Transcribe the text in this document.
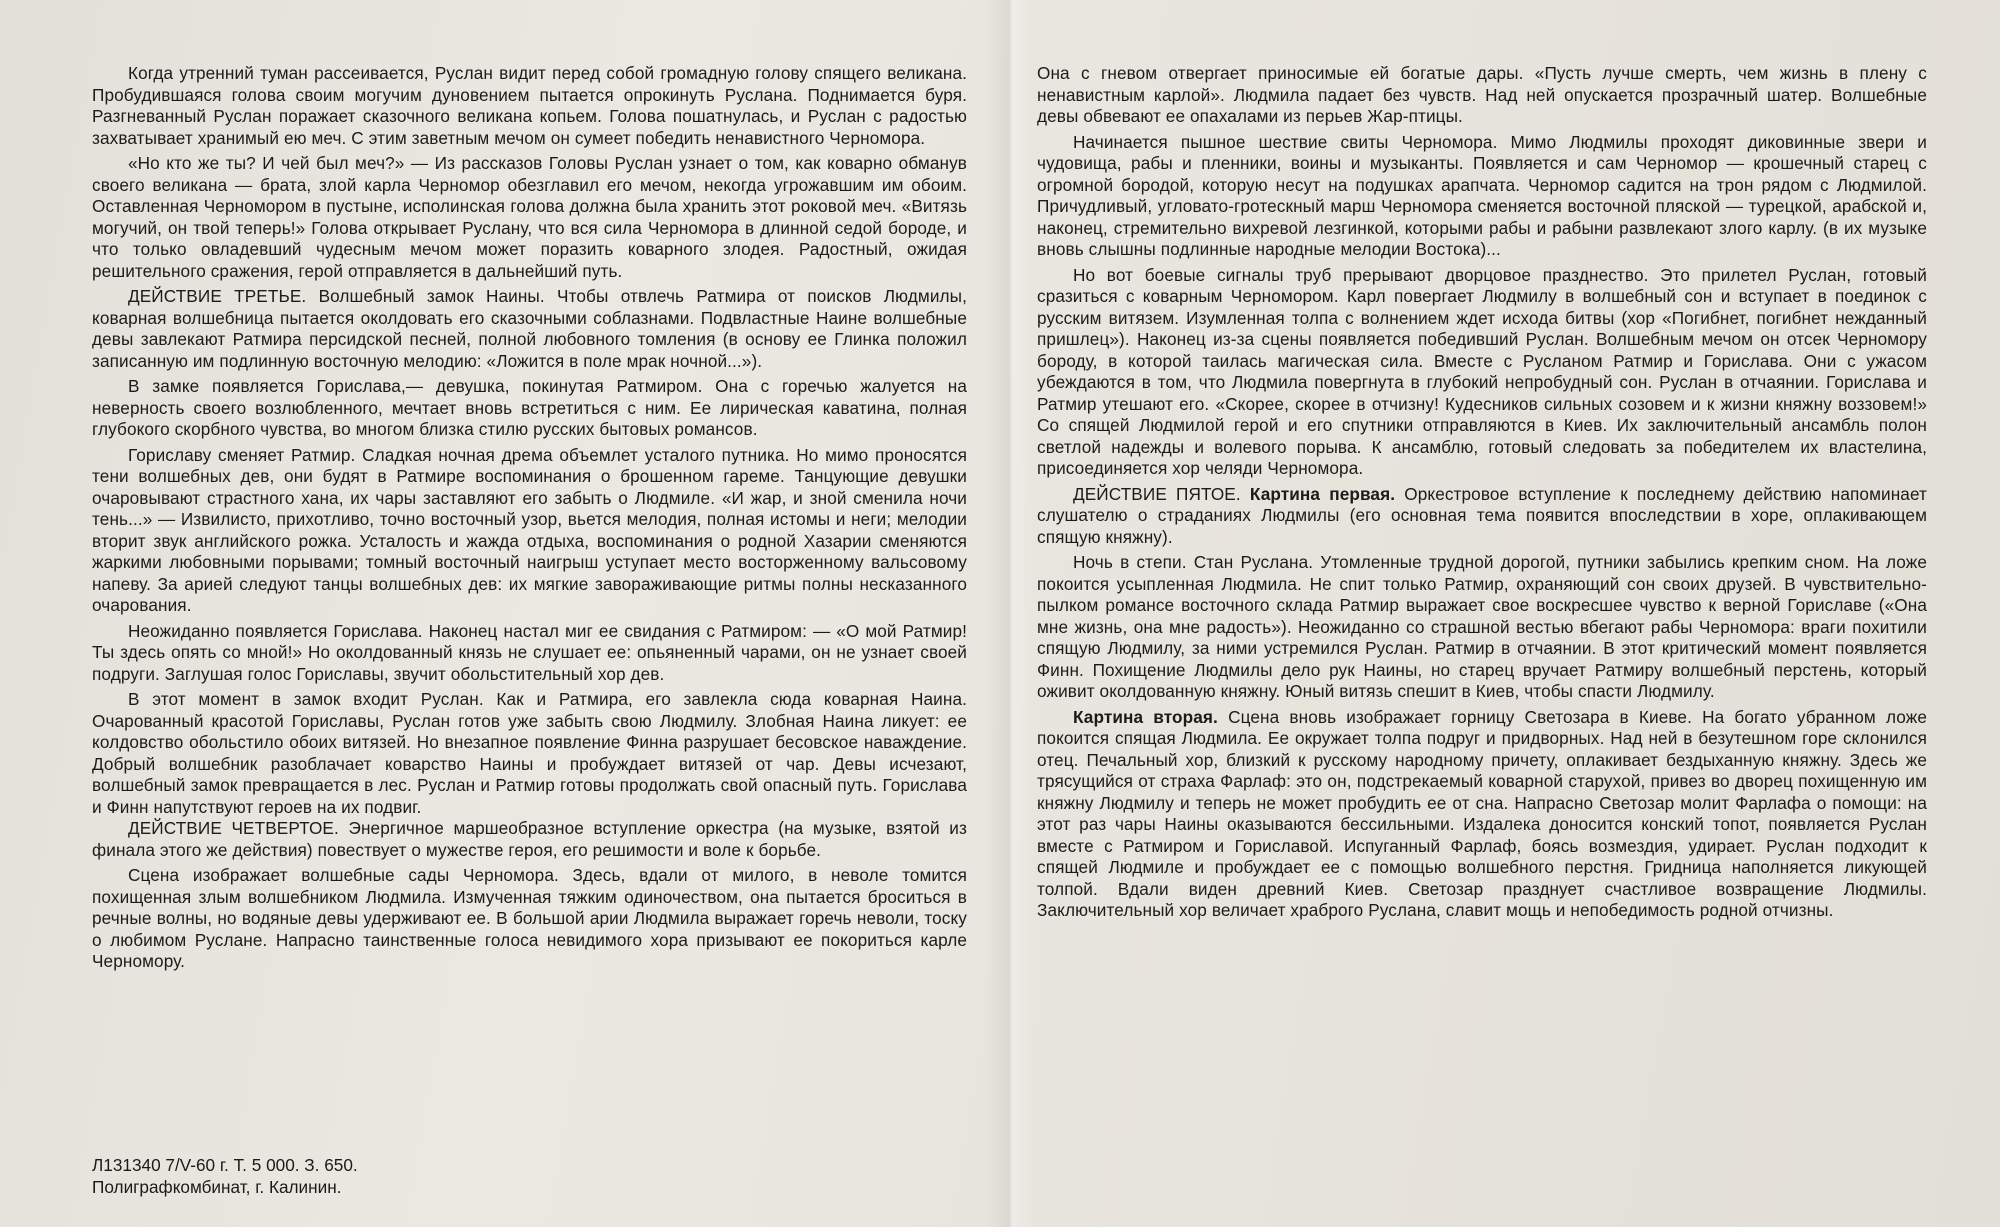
Когда утренний туман рассеивается, Руслан видит перед собой громадную голову спящего великана. Пробудившаяся голова своим могучим дуновением пытается опрокинуть Руслана. Поднимается буря. Разгневанный Руслан поражает сказочного великана копьем. Голова пошатнулась, и Руслан с радостью захватывает хранимый ею меч. С этим заветным мечом он сумеет победить ненавистного Черномора.

«Но кто же ты? И чей был меч?» — Из рассказов Головы Руслан узнает о том, как коварно обманув своего великана — брата, злой карла Черномор обезглавил его мечом, некогда угрожавшим им обоим. Оставленная Черномором в пустыне, исполинская голова должна была хранить этот роковой меч. «Витязь могучий, он твой теперь!» Голова открывает Руслану, что вся сила Черномора в длинной седой бороде, и что только овладевший чудесным мечом может поразить коварного злодея. Радостный, ожидая решительного сражения, герой отправляется в дальнейший путь.

ДЕЙСТВИЕ ТРЕТЬЕ. Волшебный замок Наины. Чтобы отвлечь Ратмира от поисков Людмилы, коварная волшебница пытается околдовать его сказочными соблазнами. Подвластные Наине волшебные девы завлекают Ратмира персидской песней, полной любовного томления (в основу ее Глинка положил записанную им подлинную восточную мелодию: «Ложится в поле мрак ночной...»).

В замке появляется Горислава,— девушка, покинутая Ратмиром. Она с горечью жалуется на неверность своего возлюбленного, мечтает вновь встретиться с ним. Ее лирическая каватина, полная глубокого скорбного чувства, во многом близка стилю русских бытовых романсов.

Гориславу сменяет Ратмир. Сладкая ночная дрема объемлет усталого путника. Но мимо проносятся тени волшебных дев, они будят в Ратмире воспоминания о брошенном гареме. Танцующие девушки очаровывают страстного хана, их чары заставляют его забыть о Людмиле. «И жар, и зной сменила ночи тень...» — Извилисто, прихотливо, точно восточный узор, вьется мелодия, полная истомы и неги; мелодии вторит звук английского рожка. Усталость и жажда отдыха, воспоминания о родной Хазарии сменяются жаркими любовными порывами; томный восточный наигрыш уступает место восторженному вальсовому напеву. За арией следуют танцы волшебных дев: их мягкие завораживающие ритмы полны несказанного очарования.

Неожиданно появляется Горислава. Наконец настал миг ее свидания с Ратмиром: — «О мой Ратмир! Ты здесь опять со мной!» Но околдованный князь не слушает ее: опьяненный чарами, он не узнает своей подруги. Заглушая голос Гориславы, звучит обольстительный хор дев.

В этот момент в замок входит Руслан. Как и Ратмира, его завлекла сюда коварная Наина. Очарованный красотой Гориславы, Руслан готов уже забыть свою Людмилу. Злобная Наина ликует: ее колдовство обольстило обоих витязей. Но внезапное появление Финна разрушает бесовское наваждение. Добрый волшебник разоблачает коварство Наины и пробуждает витязей от чар. Девы исчезают, волшебный замок превращается в лес. Руслан и Ратмир готовы продолжать свой опасный путь. Горислава и Финн напутствуют героев на их подвиг.

ДЕЙСТВИЕ ЧЕТВЕРТОЕ. Энергичное маршеобразное вступление оркестра (на музыке, взятой из финала этого же действия) повествует о мужестве героя, его решимости и воле к борьбе.

Сцена изображает волшебные сады Черномора. Здесь, вдали от милого, в неволе томится похищенная злым волшебником Людмила. Измученная тяжким одиночеством, она пытается броситься в речные волны, но водяные девы удерживают ее. В большой арии Людмила выражает горечь неволи, тоску о любимом Руслане. Напрасно таинственные голоса невидимого хора призывают ее покориться карле Черномору.

Она с гневом отвергает приносимые ей богатые дары. «Пусть лучше смерть, чем жизнь в плену с ненавистным карлой». Людмила падает без чувств. Над ней опускается прозрачный шатер. Волшебные девы обвевают ее опахалами из перьев Жар-птицы.

Начинается пышное шествие свиты Черномора. Мимо Людмилы проходят диковинные звери и чудовища, рабы и пленники, воины и музыканты. Появляется и сам Черномор — крошечный старец с огромной бородой, которую несут на подушках арапчата. Черномор садится на трон рядом с Людмилой. Причудливый, угловато-гротескный марш Черномора сменяется восточной пляской — турецкой, арабской и, наконец, стремительно вихревой лезгинкой, которыми рабы и рабыни развлекают злого карлу. (в их музыке вновь слышны подлинные народные мелодии Востока)...

Но вот боевые сигналы труб прерывают дворцовое празднество. Это прилетел Руслан, готовый сразиться с коварным Черномором. Карл повергает Людмилу в волшебный сон и вступает в поединок с русским витязем. Изумленная толпа с волнением ждет исхода битвы (хор «Погибнет, погибнет нежданный пришлец»). Наконец из-за сцены появляется победивший Руслан. Волшебным мечом он отсек Черномору бороду, в которой таилась магическая сила. Вместе с Русланом Ратмир и Горислава. Они с ужасом убеждаются в том, что Людмила повергнута в глубокий непробудный сон. Руслан в отчаянии. Горислава и Ратмир утешают его. «Скорее, скорее в отчизну! Кудесников сильных созовем и к жизни княжну воззовем!» Со спящей Людмилой герой и его спутники отправляются в Киев. Их заключительный ансамбль полон светлой надежды и волевого порыва. К ансамблю, готовый следовать за победителем их властелина, присоединяется хор челяди Черномора.

ДЕЙСТВИЕ ПЯТОЕ. Картина первая. Оркестровое вступление к последнему действию напоминает слушателю о страданиях Людмилы (его основная тема появится впоследствии в хоре, оплакивающем спящую княжну).

Ночь в степи. Стан Руслана. Утомленные трудной дорогой, путники забылись крепким сном. На ложе покоится усыпленная Людмила. Не спит только Ратмир, охраняющий сон своих друзей. В чувствительно-пылком романсе восточного склада Ратмир выражает свое воскресшее чувство к верной Гориславе («Она мне жизнь, она мне радость»). Неожиданно со страшной вестью вбегают рабы Черномора: враги похитили спящую Людмилу, за ними устремился Руслан. Ратмир в отчаянии. В этот критический момент появляется Финн. Похищение Людмилы дело рук Наины, но старец вручает Ратмиру волшебный перстень, который оживит околдованную княжну. Юный витязь спешит в Киев, чтобы спасти Людмилу.

Картина вторая. Сцена вновь изображает горницу Светозара в Киеве. На богато убранном ложе покоится спящая Людмила. Ее окружает толпа подруг и придворных. Над ней в безутешном горе склонился отец. Печальный хор, близкий к русскому народному причету, оплакивает бездыханную княжну. Здесь же трясущийся от страха Фарлаф: это он, подстрекаемый коварной старухой, привез во дворец похищенную им княжну Людмилу и теперь не может пробудить ее от сна. Напрасно Светозар молит Фарлафа о помощи: на этот раз чары Наины оказываются бессильными. Издалека доносится конский топот, появляется Руслан вместе с Ратмиром и Гориславой. Испуганный Фарлаф, боясь возмездия, удирает. Руслан подходит к спящей Людмиле и пробуждает ее с помощью волшебного перстня. Гридница наполняется ликующей толпой. Вдали виден древний Киев. Светозар празднует счастливое возвращение Людмилы. Заключительный хор величает храброго Руслана, славит мощь и непобедимость родной отчизны.

Л131340 7/V-60 г. Т. 5 000. З. 650.
Полиграфкомбинат, г. Калинин.
